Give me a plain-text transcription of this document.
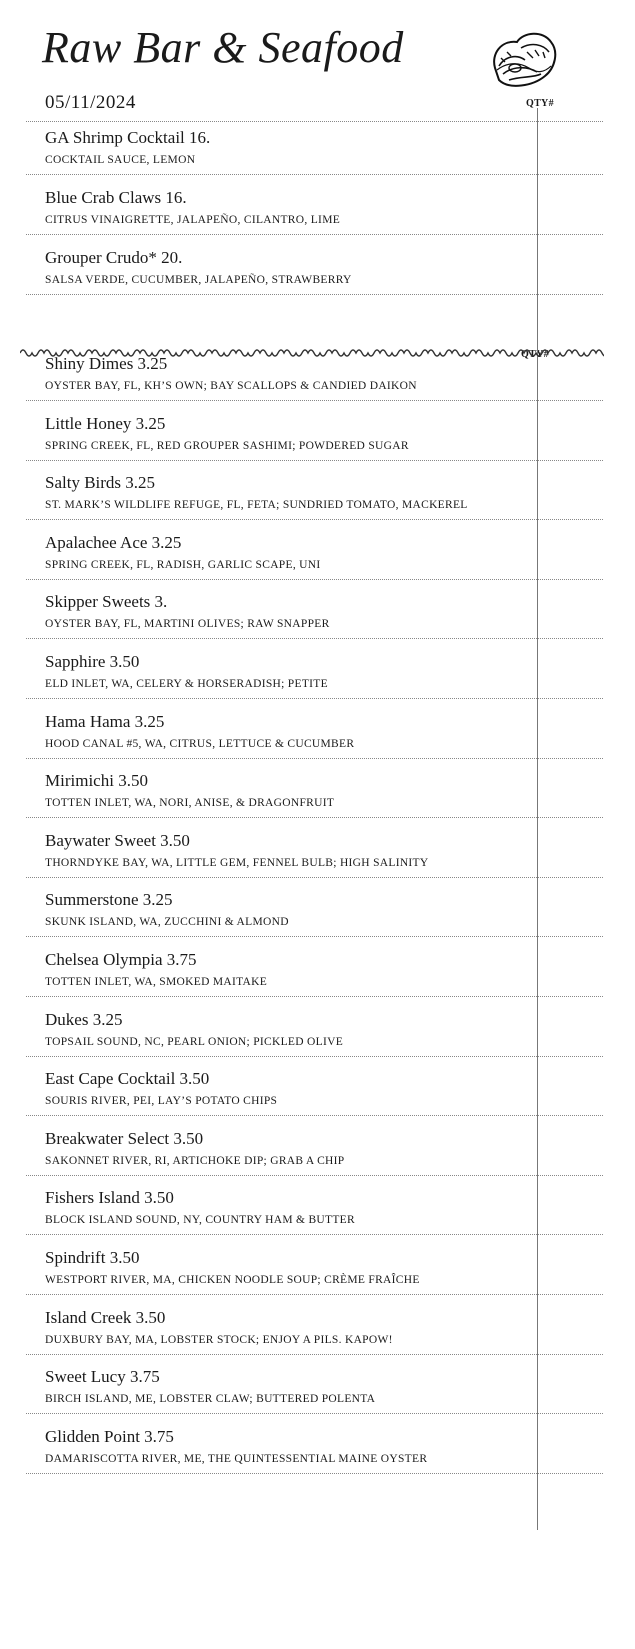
Raw Bar & Seafood
05/11/2024	QTY#
QTY#
GA Shrimp Cocktail 16.
COCKTAIL SAUCE, LEMON
Blue Crab Claws 16.
CITRUS VINAIGRETTE, JALAPEÑO, CILANTRO, LIME
Grouper Crudo* 20.
SALSA VERDE, CUCUMBER, JALAPEÑO, STRAWBERRY
Shiny Dimes 3.25
OYSTER BAY, FL, KH’S OWN; BAY SCALLOPS & CANDIED DAIKON
Little Honey 3.25
SPRING CREEK, FL, RED GROUPER SASHIMI; POWDERED SUGAR
Salty Birds 3.25
ST. MARK’S WILDLIFE REFUGE, FL, FETA; SUNDRIED TOMATO, MACKEREL
Apalachee Ace 3.25
SPRING CREEK, FL, RADISH, GARLIC SCAPE, UNI
Skipper Sweets 3.
OYSTER BAY, FL, MARTINI OLIVES; RAW SNAPPER
Sapphire 3.50
ELD INLET, WA, CELERY & HORSERADISH; PETITE
Hama Hama 3.25
HOOD CANAL #5, WA, CITRUS, LETTUCE & CUCUMBER
Mirimichi 3.50
TOTTEN INLET, WA, NORI, ANISE, & DRAGONFRUIT
Baywater Sweet 3.50
THORNDYKE BAY, WA, LITTLE GEM, FENNEL BULB; HIGH SALINITY
Summerstone 3.25
SKUNK ISLAND, WA, ZUCCHINI & ALMOND
Chelsea Olympia 3.75
TOTTEN INLET, WA, SMOKED MAITAKE
Dukes 3.25
TOPSAIL SOUND, NC, PEARL ONION; PICKLED OLIVE
East Cape Cocktail 3.50
SOURIS RIVER, PEI, LAY’S POTATO CHIPS
Breakwater Select 3.50
SAKONNET RIVER, RI, ARTICHOKE DIP; GRAB A CHIP
Fishers Island 3.50
BLOCK ISLAND SOUND, NY, COUNTRY HAM & BUTTER
Spindrift 3.50
WESTPORT RIVER, MA, CHICKEN NOODLE SOUP; CRÈME FRAÎCHE
Island Creek 3.50
DUXBURY BAY, MA, LOBSTER STOCK; ENJOY A PILS. KAPOW!
Sweet Lucy 3.75
BIRCH ISLAND, ME, LOBSTER CLAW; BUTTERED POLENTA
Glidden Point 3.75
DAMARISCOTTA RIVER, ME, THE QUINTESSENTIAL MAINE OYSTER
